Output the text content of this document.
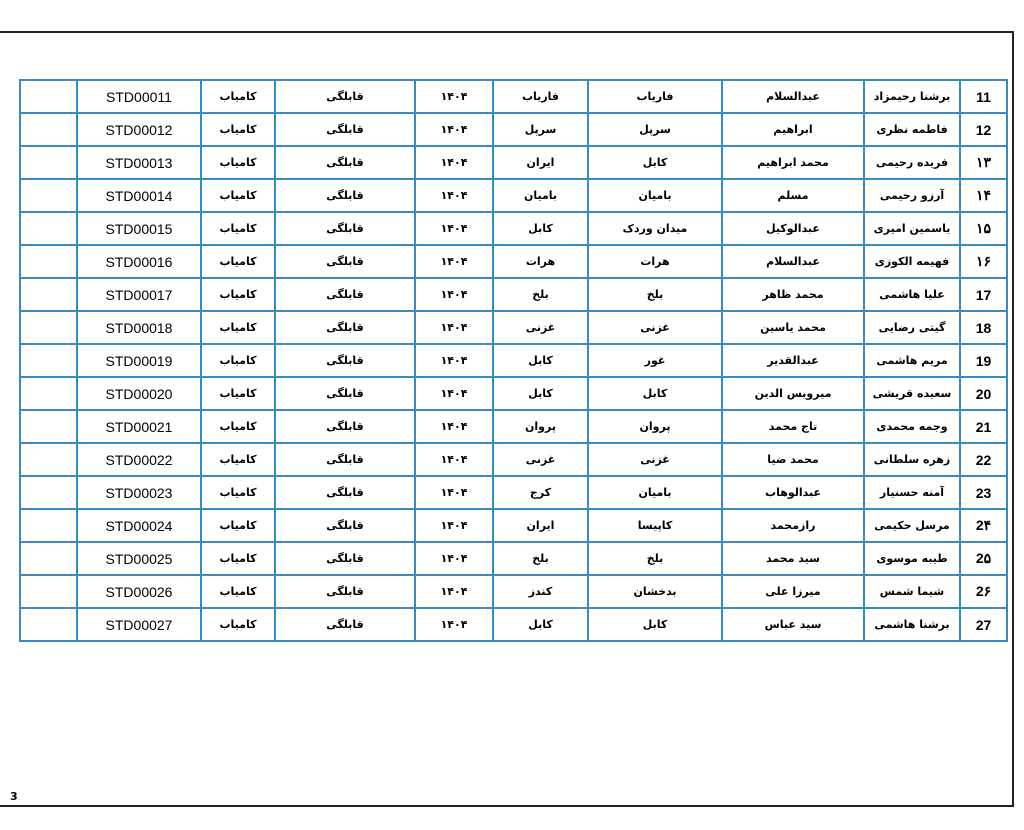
	STD00011	کامیاب	قابلگی	۱۴۰۴	فاریاب	فاریاب	عبدالسلام	برشنا رحیمزاد	11
	STD00012	کامیاب	قابلگی	۱۴۰۴	سرپل	سرپل	ابراهیم	فاطمه نظری	12
	STD00013	کامیاب	قابلگی	۱۴۰۴	ایران	کابل	محمد ابراهیم	فریده رحیمی	۱۳
	STD00014	کامیاب	قابلگی	۱۴۰۴	بامیان	بامیان	مسلم	آرزو رحیمی	۱۴
	STD00015	کامیاب	قابلگی	۱۴۰۴	کابل	میدان وردک	عبدالوکیل	یاسمین امیری	۱۵
	STD00016	کامیاب	قابلگی	۱۴۰۴	هرات	هرات	عبدالسلام	فهیمه الکوزی	۱۶
	STD00017	کامیاب	قابلگی	۱۴۰۴	بلخ	بلخ	محمد ظاهر	علیا هاشمی	17
	STD00018	کامیاب	قابلگی	۱۴۰۴	غزنی	غزنی	محمد یاسین	گیتی رضایی	18
	STD00019	کامیاب	قابلگی	۱۴۰۴	کابل	غور	عبدالقدیر	مریم هاشمی	19
	STD00020	کامیاب	قابلگی	۱۴۰۴	کابل	کابل	میرویس الدین	سعیده قریشی	20
	STD00021	کامیاب	قابلگی	۱۴۰۴	پروان	پروان	تاج محمد	وجمه محمدی	21
	STD00022	کامیاب	قابلگی	۱۴۰۴	غزنی	غزنی	محمد ضیا	زهره سلطانی	22
	STD00023	کامیاب	قابلگی	۱۴۰۴	کرج	بامیان	عبدالوهاب	آمنه حسنیار	23
	STD00024	کامیاب	قابلگی	۱۴۰۴	ایران	کاپیسا	رازمحمد	مرسل حکیمی	2۴
	STD00025	کامیاب	قابلگی	۱۴۰۴	بلخ	بلخ	سید محمد	طیبه موسوی	2۵
	STD00026	کامیاب	قابلگی	۱۴۰۴	کندز	بدخشان	میرزا علی	شیما شمس	2۶
	STD00027	کامیاب	قابلگی	۱۴۰۴	کابل	کابل	سید عباس	برشنا هاشمی	27
3
